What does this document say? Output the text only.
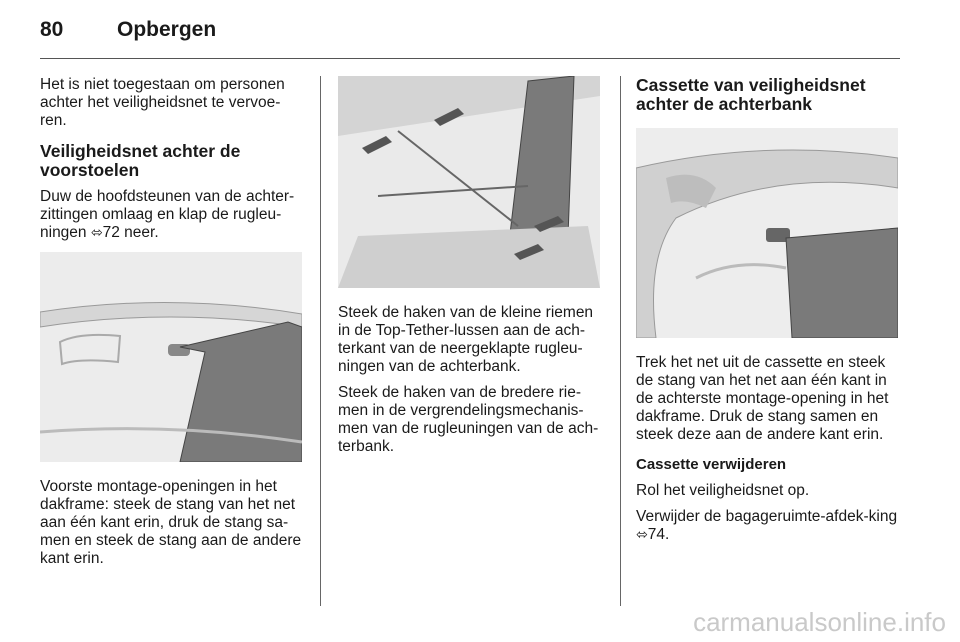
80	Opbergen

Het is niet toegestaan om personen achter het veiligheidsnet te vervoe-ren.

Veiligheidsnet achter de voorstoelen

Duw de hoofdsteunen van de achter-zittingen omlaag en klap de rugleu-ningen ⬄72 neer.

Voorste montage-openingen in het dakframe: steek de stang van het net aan één kant erin, druk de stang sa-men en steek de stang aan de andere kant erin.

Steek de haken van de kleine riemen in de Top-Tether-lussen aan de ach-terkant van de neergeklapte rugleu-ningen van de achterbank.

Steek de haken van de bredere rie-men in de vergrendelingsmechanis-men van de rugleuningen van de ach-terbank.

Cassette van veiligheidsnet achter de achterbank

Trek het net uit de cassette en steek de stang van het net aan één kant in de achterste montage-opening in het dakframe. Druk de stang samen en steek deze aan de andere kant erin.

Cassette verwijderen

Rol het veiligheidsnet op.

Verwijder de bagageruimte-afdek-king ⬄74.

carmanualsonline.info
